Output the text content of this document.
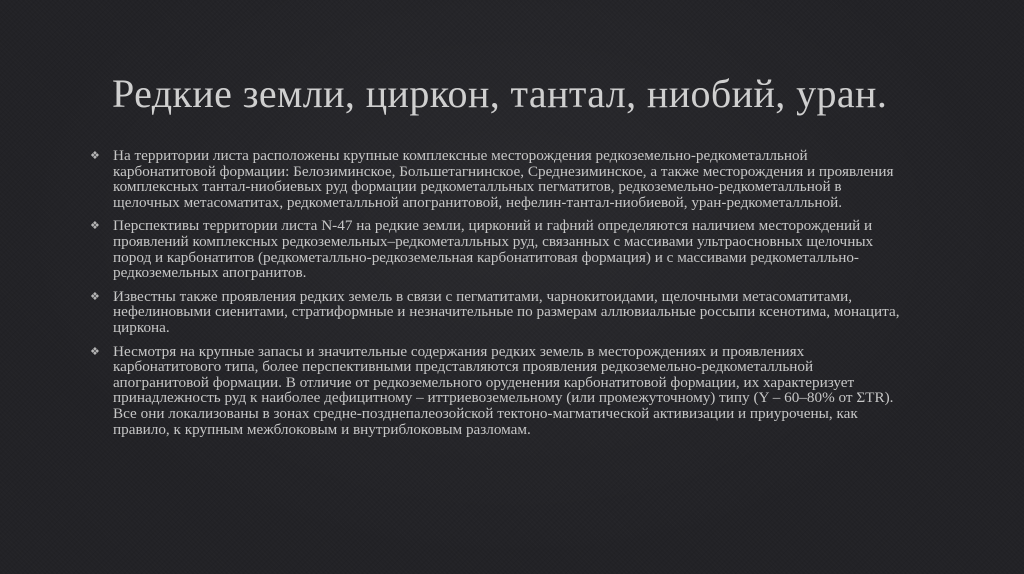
Редкие земли, циркон, тантал, ниобий, уран.
❖ На территории листа расположены крупные комплексные месторождения редкоземельно-редкометалльной карбонатитовой формации: Белозиминское, Большетагнинское, Среднезиминское, а также месторождения и проявления комплексных тантал-ниобиевых руд формации редкометалльных пегматитов, редкоземельно-редкометалльной в щелочных метасоматитах, редкометалльной апогранитовой, нефелин-тантал-ниобиевой, уран-редкометалльной.
❖ Перспективы территории листа N-47 на редкие земли, цирконий и гафний определяются наличием месторождений и проявлений комплексных редкоземельных–редкометалльных руд, связанных с массивами ультраосновных щелочных пород и карбонатитов (редкометалльно-редкоземельная карбонатитовая формация) и с массивами редкометалльно-редкоземельных апогранитов.
❖ Известны также проявления редких земель в связи с пегматитами, чарнокитоидами, щелочными метасоматитами, нефелиновыми сиенитами, стратиформные и незначительные по размерам аллювиальные россыпи ксенотима, монацита, циркона.
❖ Несмотря на крупные запасы и значительные содержания редких земель в месторождениях и проявлениях карбонатитового типа, более перспективными представляются проявления редкоземельно-редкометалльной апогранитовой формации. В отличие от редкоземельного оруденения карбонатитовой формации, их характеризует принадлежность руд к наиболее дефицитному – иттриевоземельному (или промежуточному) типу (Y – 60–80% от ΣTR). Все они локализованы в зонах средне-позднепалеозойской тектоно-магматической активизации и приурочены, как правило, к крупным межблоковым и внутриблоковым разломам.
